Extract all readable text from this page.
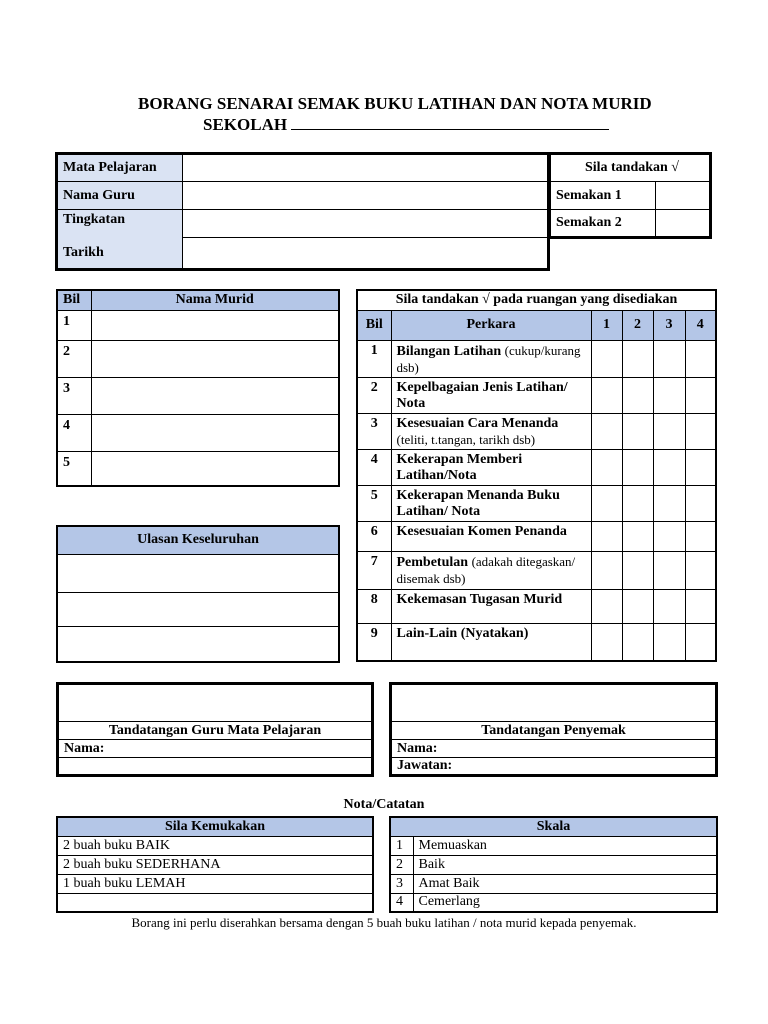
BORANG SENARAI SEMAK BUKU LATIHAN DAN NOTA MURID
SEKOLAH
Mata Pelajaran	
Nama Guru	
Tingkatan	
Tarikh	
Sila tandakan √	
Semakan 1	
Semakan 2	
Bil	Nama Murid
1	
2	
3	
4	
5	
Ulasan Keseluruhan

Sila tandakan √ pada ruangan yang disediakan					
Bil	Perkara	1	2	3	4
1	Bilangan Latihan (cukup/kurang dsb)				
2	Kepelbagaian Jenis Latihan/ Nota				
3	Kesesuaian Cara Menanda (teliti, t.tangan, tarikh dsb)				
4	Kekerapan Memberi Latihan/Nota				
5	Kekerapan Menanda Buku Latihan/ Nota				
6	Kesesuaian Komen Penanda				
7	Pembetulan (adakah ditegaskan/ disemak dsb)				
8	Kekemasan Tugasan Murid				
9	Lain-Lain (Nyatakan)				

Tandatangan Guru Mata Pelajaran
Nama:

Tandatangan Penyemak
Nama:
Jawatan:
Nota/Catatan
Sila Kemukakan
2 buah buku BAIK
2 buah buku SEDERHANA
1 buah buku LEMAH

Skala	
1	Memuaskan
2	Baik
3	Amat Baik
4	Cemerlang
Borang ini perlu diserahkan bersama dengan 5 buah buku latihan / nota murid kepada penyemak.
